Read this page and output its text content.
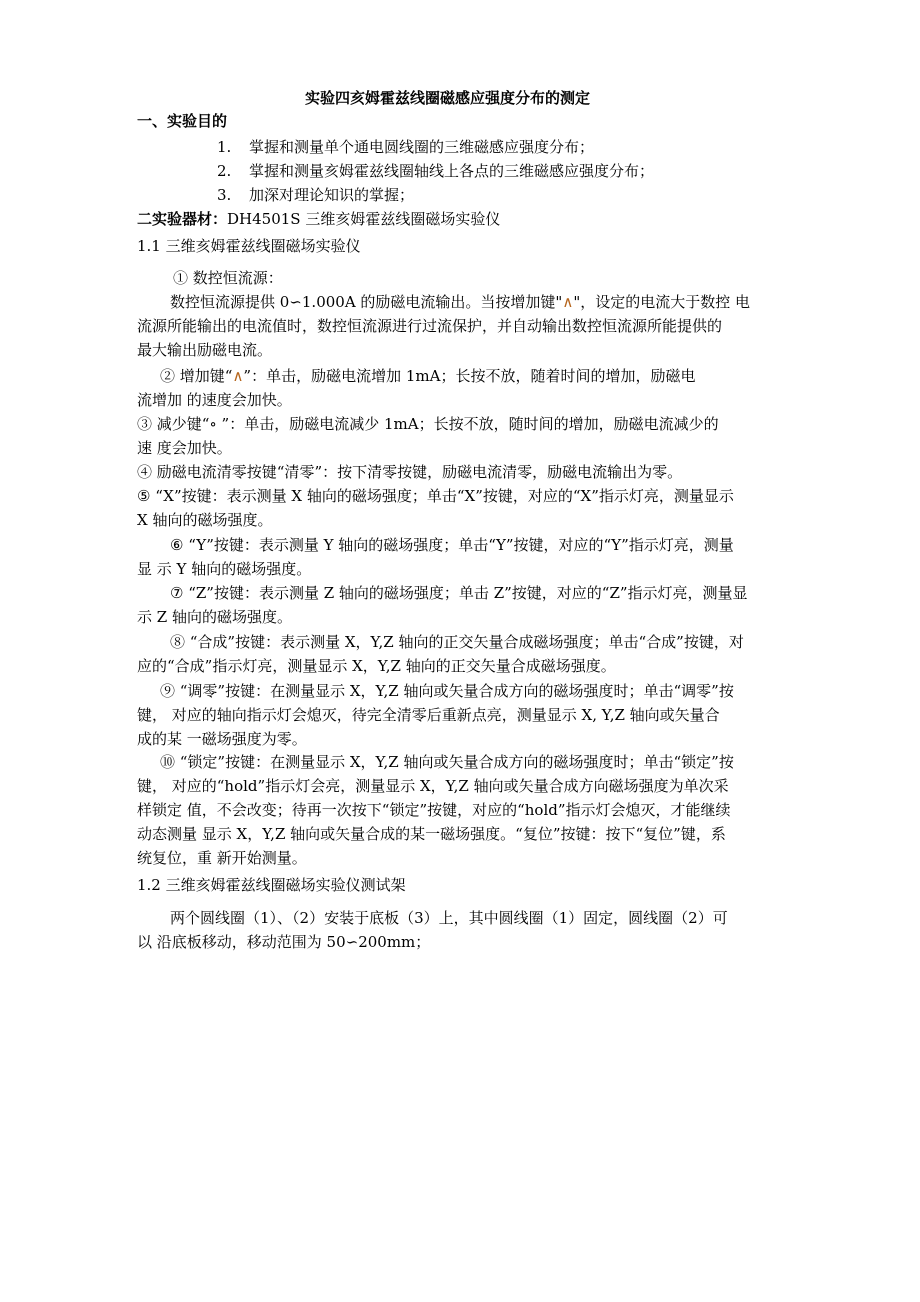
实验四亥姆霍兹线圈磁感应强度分布的测定
一、实验目的
1. 掌握和测量单个通电圆线圈的三维磁感应强度分布；
2. 掌握和测量亥姆霍兹线圈轴线上各点的三维磁感应强度分布；
3. 加深对理论知识的掌握；
二实验器材：DH4501S 三维亥姆霍兹线圈磁场实验仪
1.1 三维亥姆霍兹线圈磁场实验仪
① 数控恒流源：
数控恒流源提供 0∽1.000A 的励磁电流输出。当按增加键"∧"，设定的电流大于数控 电
流源所能输出的电流值时，数控恒流源进行过流保护，并自动输出数控恒流源所能提供的
最大输出励磁电流。
② 增加键“∧”：单击，励磁电流增加 1mA；长按不放，随着时间的增加，励磁电
流增加 的速度会加快。
③ 减少键“∘ ”：单击，励磁电流减少 1mA；长按不放，随时间的增加，励磁电流减少的
速 度会加快。
④ 励磁电流清零按键“清零”：按下清零按键，励磁电流清零，励磁电流输出为零。
⑤ “X”按键：表示测量 X 轴向的磁场强度；单击“X”按键，对应的“X”指示灯亮，测量显示
X 轴向的磁场强度。
⑥ “Y”按键：表示测量 Y 轴向的磁场强度；单击“Y”按键，对应的“Y”指示灯亮，测量
显 示 Y 轴向的磁场强度。
⑦ “Z”按键：表示测量 Z 轴向的磁场强度；单击 Z”按键，对应的“Z”指示灯亮，测量显
示 Z 轴向的磁场强度。
⑧ “合成”按键：表示测量 X，Y,Z 轴向的正交矢量合成磁场强度；单击“合成”按键，对
应的“合成”指示灯亮，测量显示 X，Y,Z 轴向的正交矢量合成磁场强度。
⑨ “调零”按键：在测量显示 X，Y,Z 轴向或矢量合成方向的磁场强度时；单击“调零”按
键， 对应的轴向指示灯会熄灭，待完全清零后重新点亮，测量显示 X, Y,Z 轴向或矢量合
成的某 一磁场强度为零。
⑩ “锁定”按键：在测量显示 X，Y,Z 轴向或矢量合成方向的磁场强度时；单击“锁定”按
键， 对应的“hold”指示灯会亮，测量显示 X，Y,Z 轴向或矢量合成方向磁场强度为单次采
样锁定 值，不会改变；待再一次按下“锁定”按键，对应的“hold”指示灯会熄灭，才能继续
动态测量 显示 X，Y,Z 轴向或矢量合成的某一磁场强度。“复位”按键：按下“复位”键，系
统复位，重 新开始测量。
1.2 三维亥姆霍兹线圈磁场实验仪测试架
两个圆线圈（1）、（2）安装于底板（3）上，其中圆线圈（1）固定，圆线圈（2）可
以 沿底板移动，移动范围为 50∽200mm；
